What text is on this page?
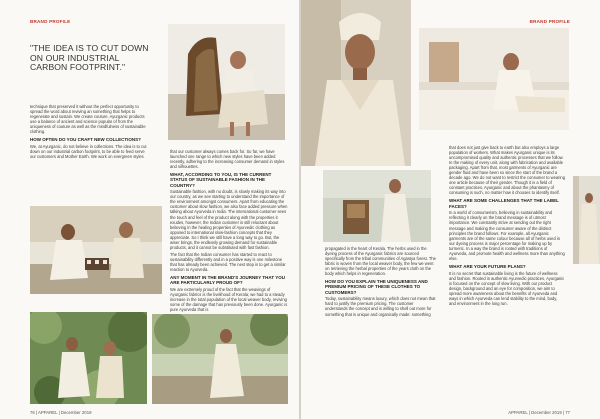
BRAND PROFILE
"THE IDEA IS TO CUT DOWN ON OUR INDUSTRIAL CARBON FOOTPRINT."

technique that preserved it without the perfect opportunity to spread the word about reviving an something that helps to regenerate and sustain. We create couture. Ayurganic products use a balance of ancient and science popular of from the uniqueness of couture as well as the mindfulness of sustainable clothing.

HOW OFTEN DO YOU CRAFT NEW COLLECTIONS?

We, at Ayurganic, do not believe in collections. The idea is to cut down on our industrial carbon footprint, to be able to feed serve our customers and Mother Earth. We work on evergreen styles

that our customer always comes back for. So far, we have launched one range to which new styles have been added recently, adhering to the increasing consumer demand in styles and silhouettes.

WHAT, ACCORDING TO YOU, IS THE CURRENT STATUS OF SUSTAINABLE FASHION IN THE COUNTRY?

Sustainable fashion, with no doubt, is slowly making its way into our country, as we see starting to understand the importance of the environment amongst consumers. Apart from educating the customer about slow fashion, we also face added pressure when talking about Ayurveda in India. The international customer sees the touch and feel of the product along with the properties it exudes, however, the Indian customer is still reluctant about believing in the healing properties of Ayurvedic clothing as opposed to international slow-fashion concepts that they appreciate. So I think we still have a long way to go. But, the wiser brings, the endlessly growing demand for sustainable products, and it cannot be substituted with fast fashion.

The fact that the Indian consumer has started to react to sustainability differently and in a positive way is one milestone that has already been achieved. The next step is to get a similar reaction to Ayurveda.

ANY MOMENT IN THE BRAND'S JOURNEY THAT YOU ARE PARTICULARLY PROUD OF?

We are extremely proud of the fact that the weavings of Ayurganic fabrics is the livelihood of Kerala; we had to a steady increase in the total population of the local weaver body, reviving some of the damage that has previously been done. Ayurganic is pure Ayurveda that is

76 | APPAREL | December 2019
BRAND PROFILE

propagated in the heart of Kerala. The herbs used in the dyeing process of the Ayurganic fabrics are sourced specifically from the tribal communities of Agastya forest. The fabric is woven from the local weaver body, the few we went on retrieving the herbal properties of the years cloth on the body which helps in regeneration.

HOW DO YOU EXPLAIN THE UNIQUENESS AND PREMIUM PRICING OF THESE CLOTHES TO CUSTOMERS?

Today, sustainability means luxury, which does not mean that hard to justify the premium pricing. The customer understands the concept and is willing to shell out more for something that is unique and organically made: something

that does not just give back to earth but also employs a large population of workers. What makes Ayurganic unique is its uncompromised quality and authentic processes that we follow. In the making of every unit, along with fabrication and available packaging. Apart from that, most garments of Ayurganic are gender fluid and have been so since the start of the brand a decade ago. We do not want to restrict the consumer to wearing one article because of their gender. Though it is a field of constant practices, Ayurganic and about the phantasmy of consuming is such, no matter how it chooses to identify itself.

WHAT ARE SOME CHALLENGES THAT THE LABEL FACES?

In a world of consumerism, believing in sustainability and reflecting it clearly on the brand message is of utmost importance. We constantly strive at sending out the right message and making the consumer aware of the distinct principles the brand follows. For example, all Ayurganic garments are of the same colour because all of herbs used in our dyeing process is major percentage for making up by turmeric. In a way the brand is rooted with traditions of Ayurveda, and promote health and wellness more than anything else.

WHAT ARE YOUR FUTURE PLANS?

It is no secret that sustainable living is the future of wellness and fashion. Rooted in authentic Ayurvedic practices, Ayurganic is focused on the concept of slow living. With our product design, background and an eye for composition, we aim to spread more awareness about the benefits of Ayurveda and ways in which Ayurveda can lend stability to the mind, body, and environment in the long run.

APPAREL | December 2019 | 77
